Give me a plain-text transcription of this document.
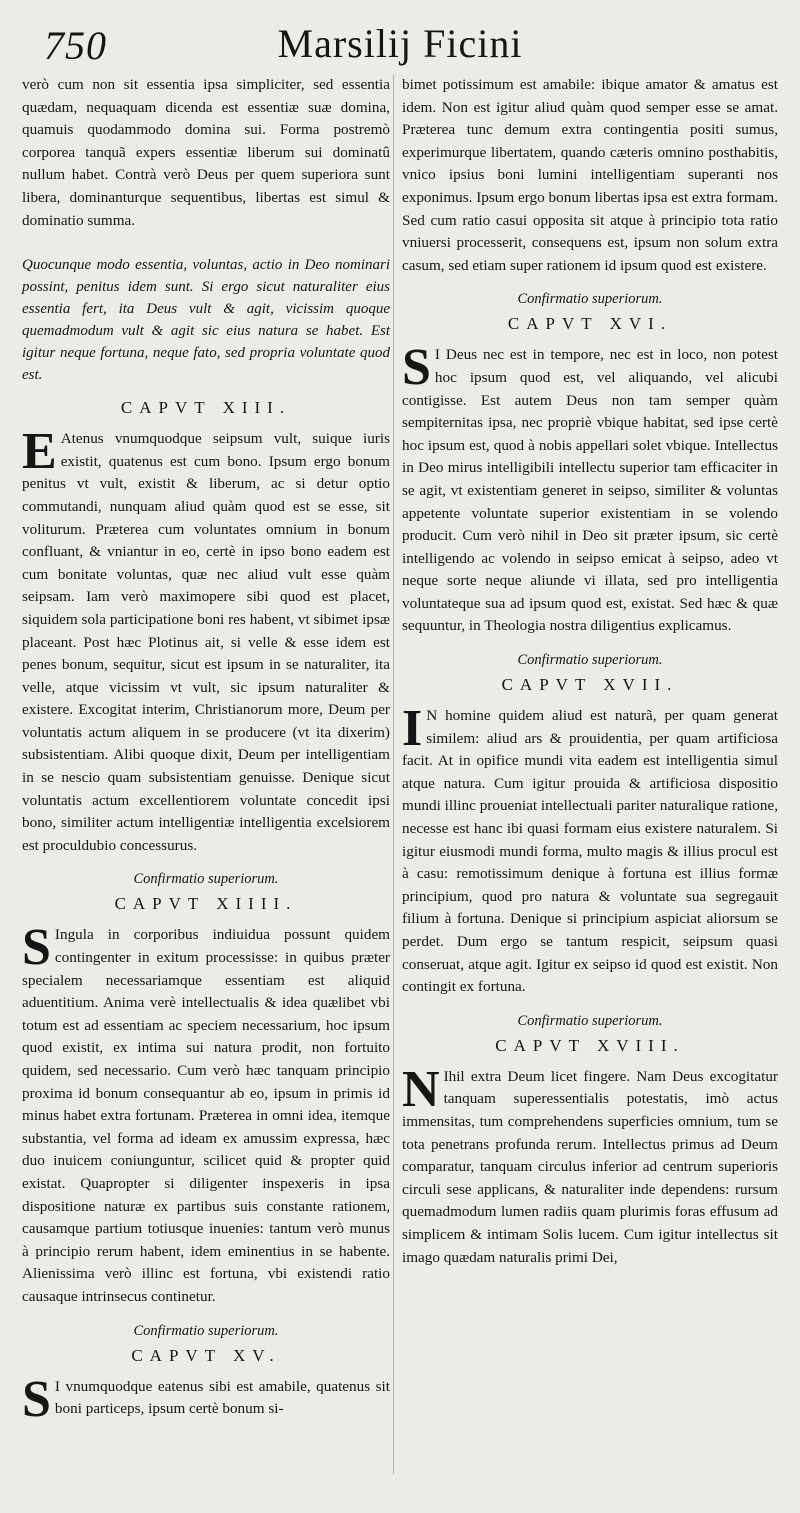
750	Marsilij Ficini

verò cum non sit essentia ipsa simpliciter, sed essentia quædam, nequaquam dicenda est essentiæ suæ domina, quamuis quodammodo domina sui. Forma postremò corporea tanquã expers essentiæ liberum sui dominatû nullum habet. Contrà verò Deus per quem superiora sunt libera, dominanturque sequentibus, libertas est simul & dominatio summa.

Quocunque modo essentia, voluntas, actio in Deo nominari possint, penitus idem sunt. Si ergo sicut naturaliter eius essentia fert, ita Deus vult & agit, vicissim quoque quemadmodum vult & agit sic eius natura se habet. Est igitur neque fortuna, neque fato, sed propria voluntate quod est.

CAPVT XIII.

E Atenus vnumquodque seipsum vult, suique iuris existit, quatenus est cum bono. Ipsum ergo bonum penitus vt vult, existit & liberum, ac si detur optio commutandi, nunquam aliud quàm quod est se esse, sit voliturum. Præterea cum voluntates omnium in bonum confluant, & vniantur in eo, certè in ipso bono eadem est cum bonitate voluntas, quæ nec aliud vult esse quàm seipsam. Iam verò maximopere sibi quod est placet, siquidem sola participatione boni res habent, vt sibimet ipsæ placeant. Post hæc Plotinus ait, si velle & esse idem est penes bonum, sequitur, sicut est ipsum in se naturaliter, ita velle, atque vicissim vt vult, sic ipsum naturaliter & existere. Excogitat interim, Christianorum more, Deum per voluntatis actum aliquem in se producere (vt ita dixerim) subsistentiam. Alibi quoque dixit, Deum per intelligentiam in se nescio quam subsistentiam genuisse. Denique sicut voluntatis actum excellentiorem voluntate concedit ipsi bono, similiter actum intelligentiæ intelligentia excelsiorem est proculdubio concessurus.

Confirmatio superiorum.
CAPVT XIIII.

S Ingula in corporibus indiuidua possunt quidem contingenter in exitum processisse: in quibus præter specialem necessariamque essentiam est aliquid aduentitium. Anima verè intellectualis & idea quælibet vbi totum est ad essentiam ac speciem necessarium, hoc ipsum quod existit, ex intima sui natura prodit, non fortuito quidem, sed necessario. Cum verò hæc tanquam principio proxima id bonum consequantur ab eo, ipsum in primis id minus habet extra fortunam. Præterea in omni idea, itemque substantia, vel forma ad ideam ex amussim expressa, hæc duo inuicem coniunguntur, scilicet quid & propter quid existat. Quapropter si diligenter inspexeris in ipsa dispositione naturæ ex partibus suis constante rationem, causamque partium totiusque inuenies: tantum verò munus à principio rerum habent, idem eminentius in se habente. Alienissima verò illinc est fortuna, vbi existendi ratio causaque intrinsecus continetur.

Confirmatio superiorum.
CAPVT XV.

S I vnumquodque eatenus sibi est amabile, quatenus sit boni particeps, ipsum certè bonum si-

bimet potissimum est amabile: ibique amator & amatus est idem. Non est igitur aliud quàm quod semper esse se amat. Præterea tunc demum extra contingentia positi sumus, experimurque libertatem, quando cæteris omnino posthabitis, vnico ipsius boni lumini intelligentiam superanti nos exponimus. Ipsum ergo bonum libertas ipsa est extra formam. Sed cum ratio casui opposita sit atque à principio tota ratio vniuersi processerit, consequens est, ipsum non solum extra casum, sed etiam super rationem id ipsum quod est existere.

Confirmatio superiorum.
CAPVT XVI.

S I Deus nec est in tempore, nec est in loco, non potest hoc ipsum quod est, vel aliquando, vel alicubi contigisse. Est autem Deus non tam semper quàm sempiternitas ipsa, nec propriè vbique habitat, sed ipse certè hoc ipsum est, quod à nobis appellari solet vbique. Intellectus in Deo mirus intelligibili intellectu superior tam efficaciter in se agit, vt existentiam generet in seipso, similiter & voluntas appetente voluntate superior existentiam in se volendo producit. Cum verò nihil in Deo sit præter ipsum, sic certè intelligendo ac volendo in seipso emicat à seipso, adeo vt neque sorte neque aliunde vi illata, sed pro intelligentia voluntateque sua ad ipsum quod est, existat. Sed hæc & quæ sequuntur, in Theologia nostra diligentius explicamus.

Confirmatio superiorum.
CAPVT XVII.

I N homine quidem aliud est naturã, per quam generat similem: aliud ars & prouidentia, per quam artificiosa facit. At in opifice mundi vita eadem est intelligentia simul atque natura. Cum igitur prouida & artificiosa dispositio mundi illinc proueniat intellectuali pariter naturalique ratione, necesse est hanc ibi quasi formam eius existere naturalem. Si igitur eiusmodi mundi forma, multo magis & illius procul est à casu: remotissimum denique à fortuna est illius formæ principium, quod pro natura & voluntate sua segregauit filium à fortuna. Denique si principium aspiciat aliorsum se perdet. Dum ergo se tantum respicit, seipsum quasi conseruat, atque agit. Igitur ex seipso id quod est existit. Non contingit ex fortuna.

Confirmatio superiorum.
CAPVT XVIII.

N Ihil extra Deum licet fingere. Nam Deus excogitatur tanquam superessentialis potestatis, imò actus immensitas, tum comprehendens superficies omnium, tum se tota penetrans profunda rerum. Intellectus primus ad Deum comparatur, tanquam circulus inferior ad centrum superioris circuli sese applicans, & naturaliter inde dependens: rursum quemadmodum lumen radiis quam plurimis foras effusum ad simplicem & intimam Solis lucem. Cum igitur intellectus sit imago quædam naturalis primi Dei,
